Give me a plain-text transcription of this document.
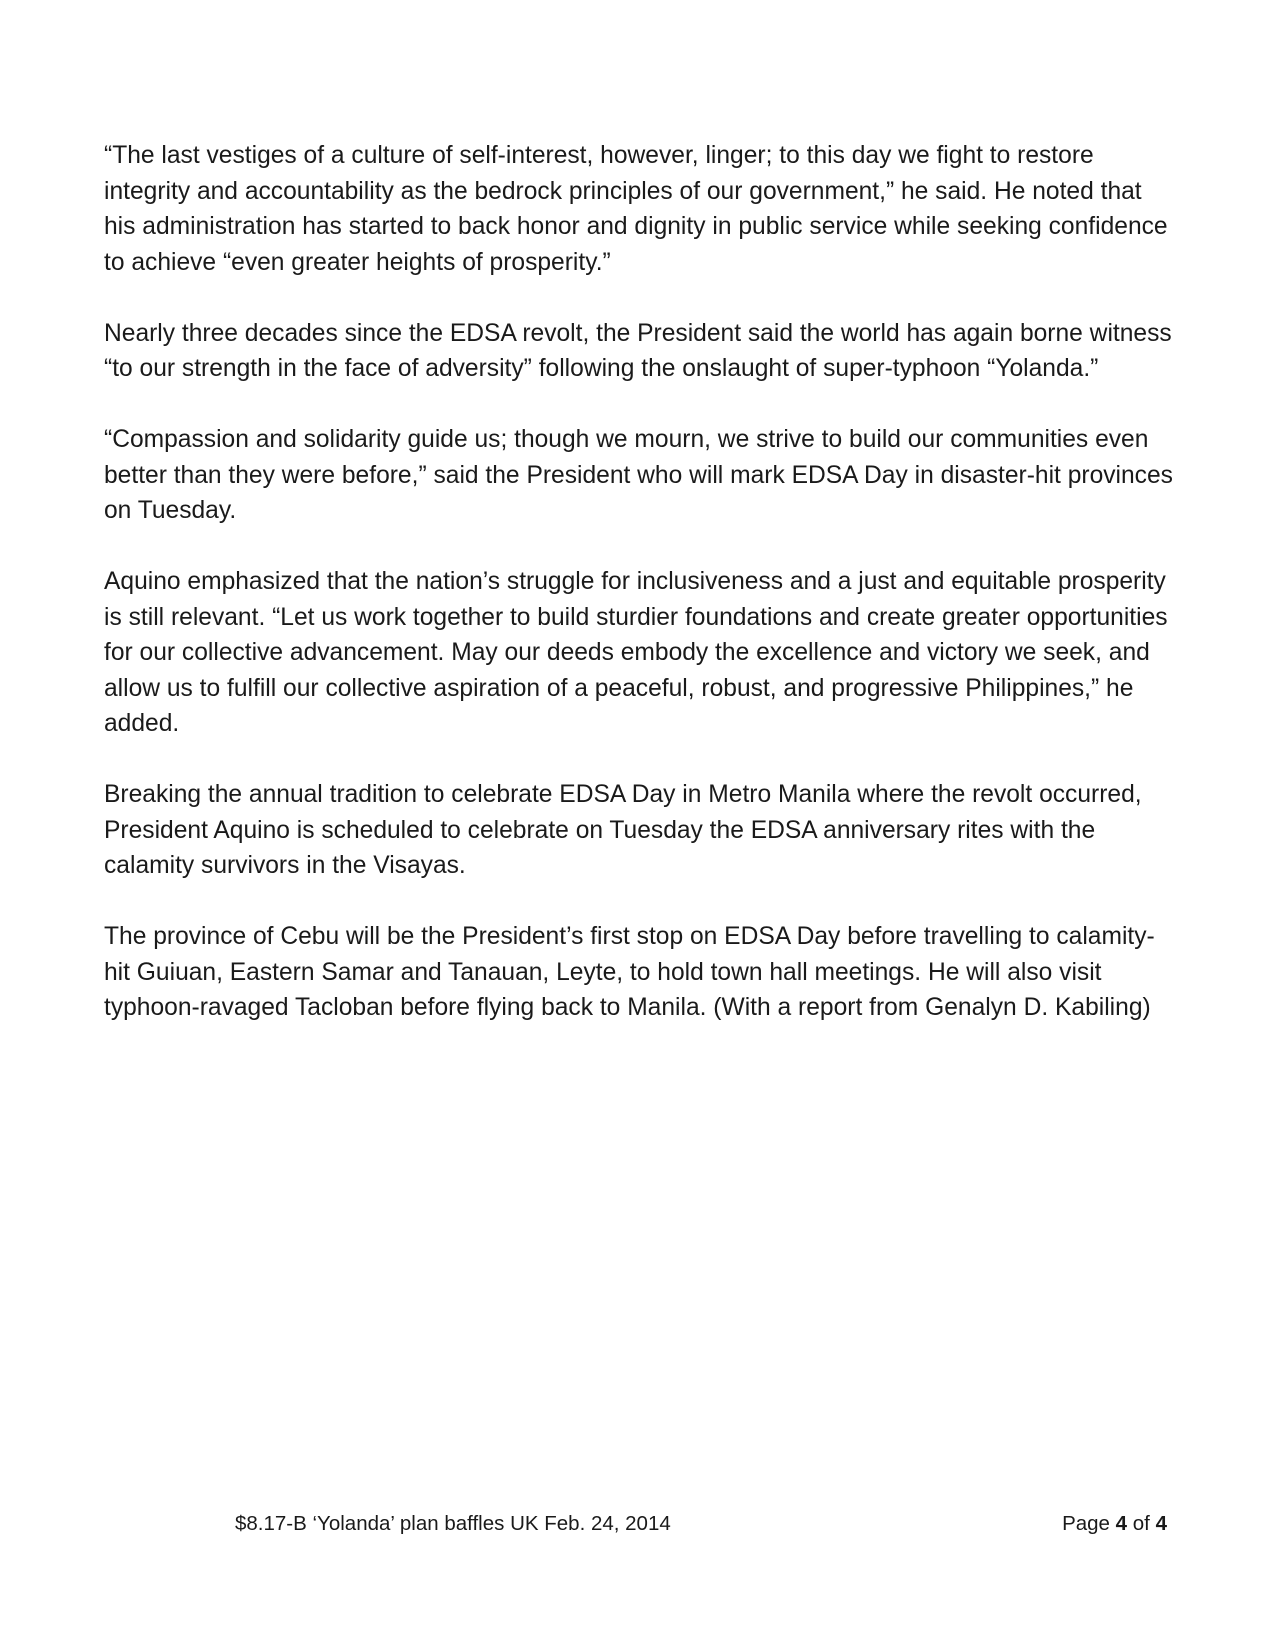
“The last vestiges of a culture of self-interest, however, linger; to this day we fight to restore integrity and accountability as the bedrock principles of our government,” he said. He noted that his administration has started to back honor and dignity in public service while seeking confidence to achieve “even greater heights of prosperity.”

Nearly three decades since the EDSA revolt, the President said the world has again borne witness “to our strength in the face of adversity” following the onslaught of super-typhoon “Yolanda.”

“Compassion and solidarity guide us; though we mourn, we strive to build our communities even better than they were before,” said the President who will mark EDSA Day in disaster-hit provinces on Tuesday.

Aquino emphasized that the nation’s struggle for inclusiveness and a just and equitable prosperity is still relevant. “Let us work together to build sturdier foundations and create greater opportunities for our collective advancement. May our deeds embody the excellence and victory we seek, and allow us to fulfill our collective aspiration of a peaceful, robust, and progressive Philippines,” he added.

Breaking the annual tradition to celebrate EDSA Day in Metro Manila where the revolt occurred, President Aquino is scheduled to celebrate on Tuesday the EDSA anniversary rites with the calamity survivors in the Visayas.

The province of Cebu will be the President’s first stop on EDSA Day before travelling to calamity-hit Guiuan, Eastern Samar and Tanauan, Leyte, to hold town hall meetings. He will also visit typhoon-ravaged Tacloban before flying back to Manila. (With a report from Genalyn D. Kabiling)

$8.17-B ‘Yolanda’ plan baffles UK Feb. 24, 2014	Page 4 of 4
